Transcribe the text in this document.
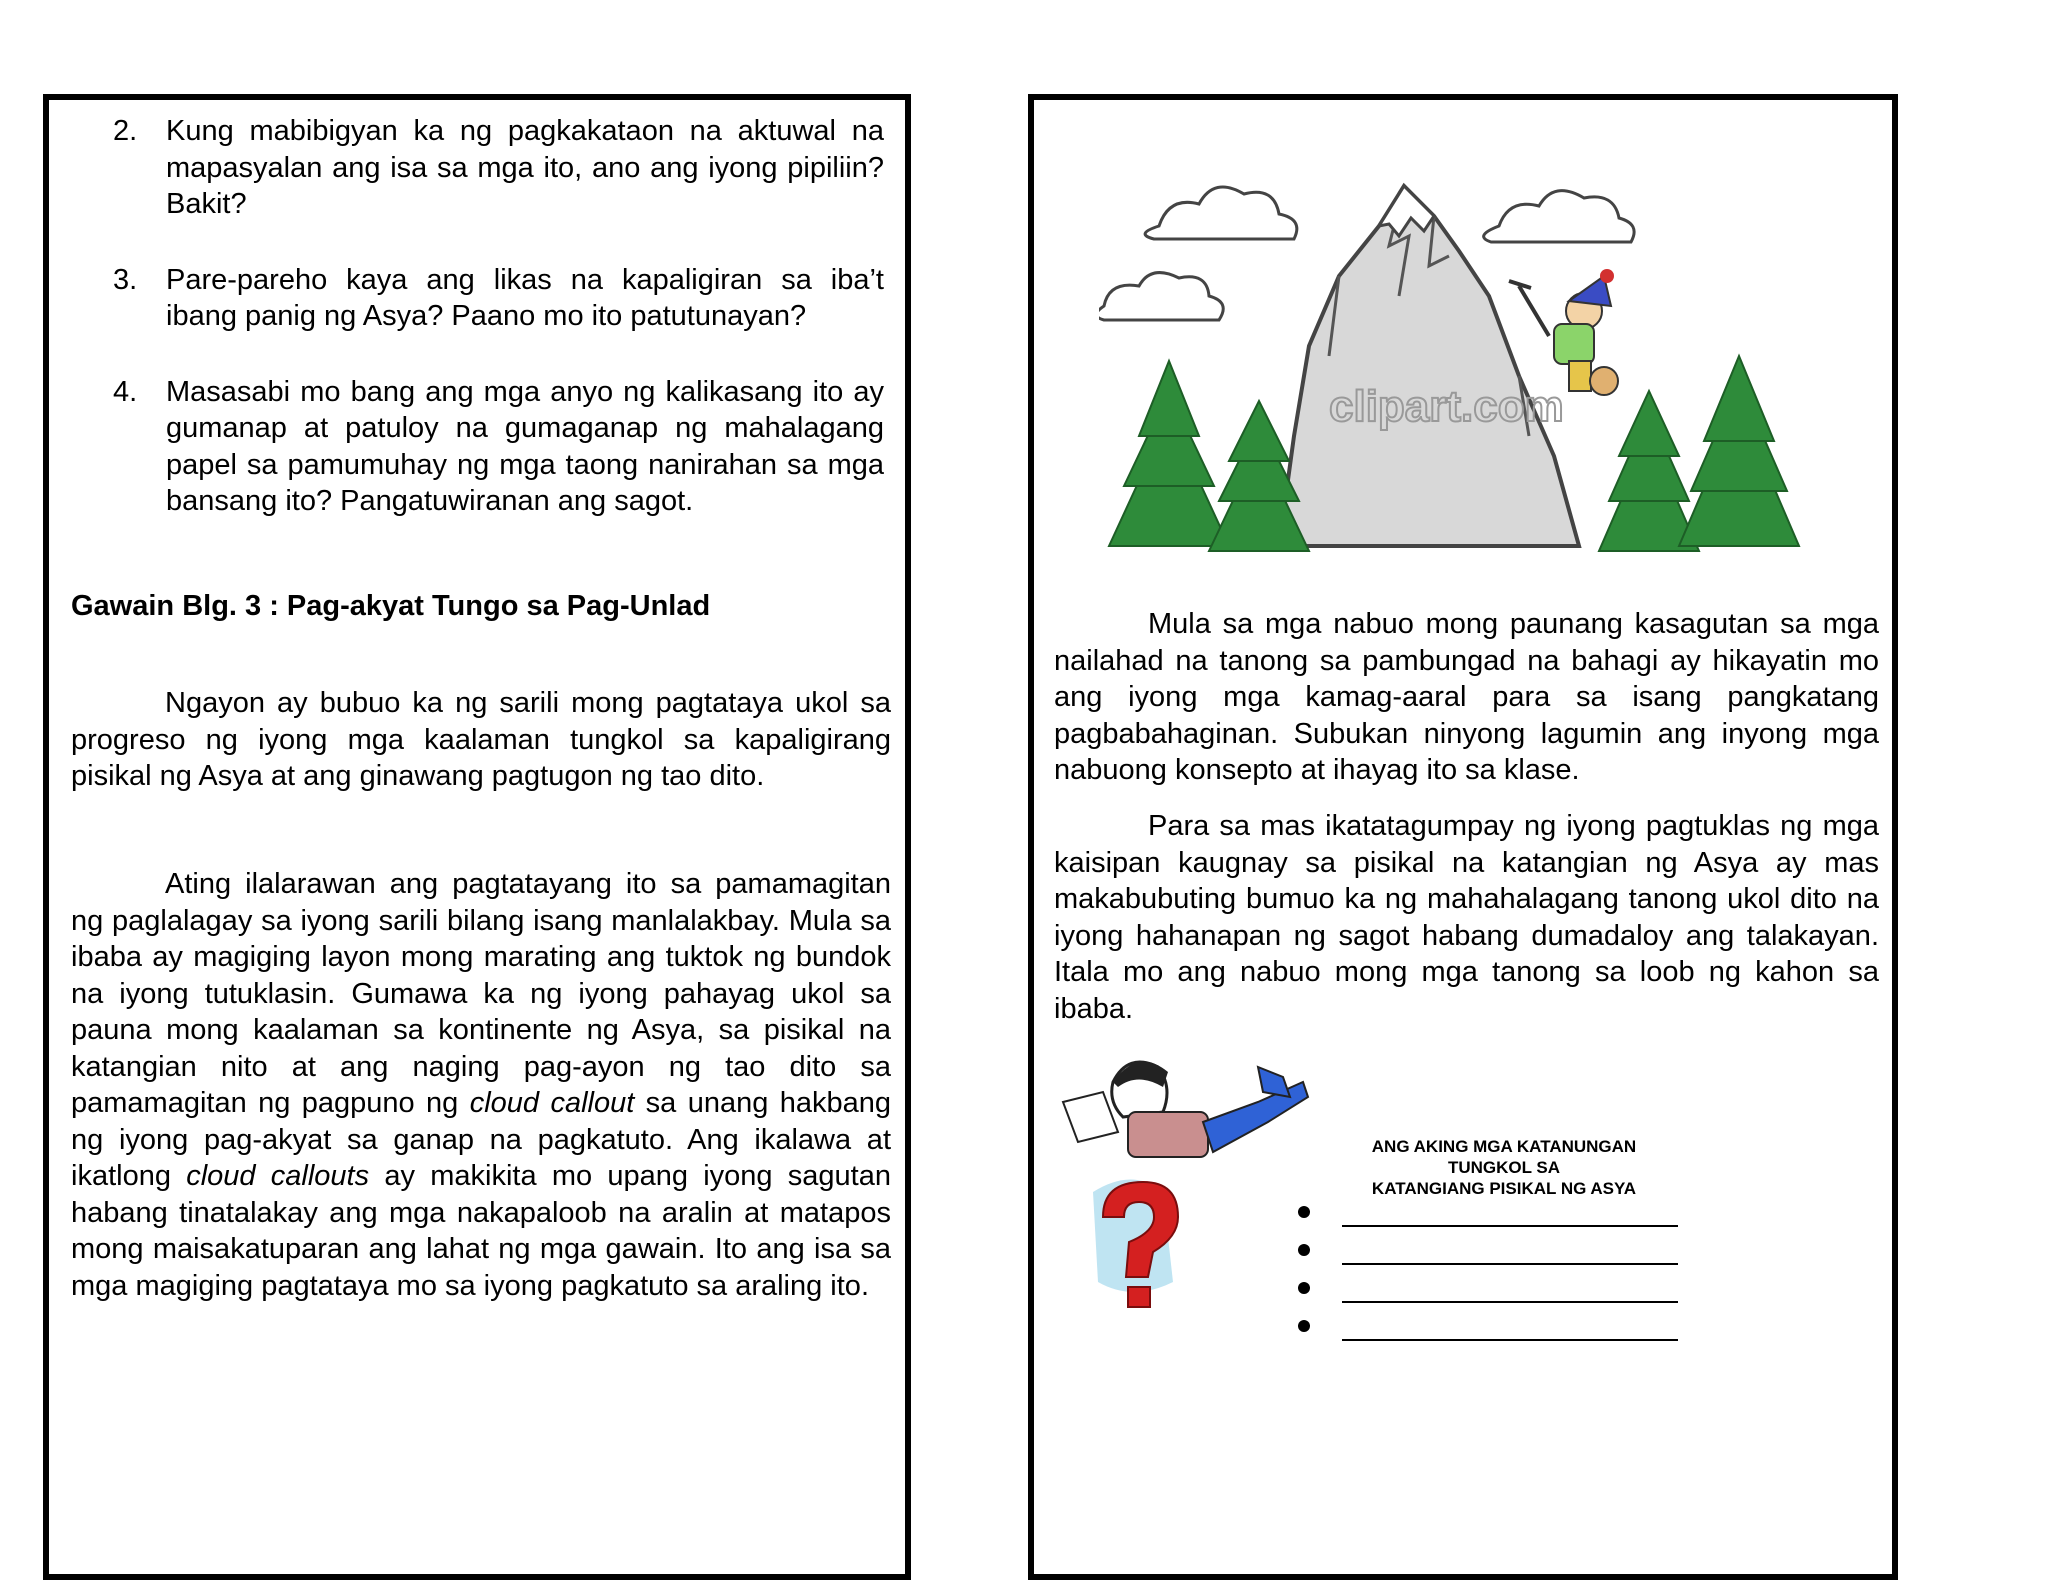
2. Kung mabibigyan ka ng pagkakataon na aktuwal na mapasyalan ang isa sa mga ito, ano ang iyong pipiliin? Bakit?
3. Pare-pareho kaya ang likas na kapaligiran sa iba’t ibang panig ng Asya? Paano mo ito patutunayan?
4. Masasabi mo bang ang mga anyo ng kalikasang ito ay gumanap at patuloy na gumaganap ng mahalagang papel sa pamumuhay ng mga taong nanirahan sa mga bansang ito? Pangatuwiranan ang sagot.
Gawain Blg. 3 : Pag-akyat Tungo sa Pag-Unlad

Ngayon ay bubuo ka ng sarili mong pagtataya ukol sa progreso ng iyong mga kaalaman tungkol sa kapaligirang pisikal ng Asya at ang ginawang pagtugon ng tao dito.

Ating ilalarawan ang pagtatayang ito sa pamamagitan ng paglalagay sa iyong sarili bilang isang manlalakbay. Mula sa ibaba ay magiging layon mong marating ang tuktok ng bundok na iyong tutuklasin. Gumawa ka ng iyong pahayag ukol sa pauna mong kaalaman sa kontinente ng Asya, sa pisikal na katangian nito at ang naging pag-ayon ng tao dito sa pamamagitan ng pagpuno ng cloud callout sa unang hakbang ng iyong pag-akyat sa ganap na pagkatuto. Ang ikalawa at ikatlong cloud callouts ay makikita mo upang iyong sagutan habang tinatalakay ang mga nakapaloob na aralin at matapos mong maisakatuparan ang lahat ng mga gawain. Ito ang isa sa mga magiging pagtataya mo sa iyong pagkatuto sa araling ito.

clipart.com

Mula sa mga nabuo mong paunang kasagutan sa mga nailahad na tanong sa pambungad na bahagi ay hikayatin mo ang iyong mga kamag-aaral para sa isang pangkatang pagbabahaginan. Subukan ninyong lagumin ang inyong mga nabuong konsepto at ihayag ito sa klase.

Para sa mas ikatatagumpay ng iyong pagtuklas ng mga kaisipan kaugnay sa pisikal na katangian ng Asya ay mas makabubuting bumuo ka ng mahahalagang tanong ukol dito na iyong hahanapan ng sagot habang dumadaloy ang talakayan. Itala mo ang nabuo mong mga tanong sa loob ng kahon sa ibaba.

ANG AKING MGA KATANUNGAN TUNGKOL SA
KATANGIANG PISIKAL NG ASYA
